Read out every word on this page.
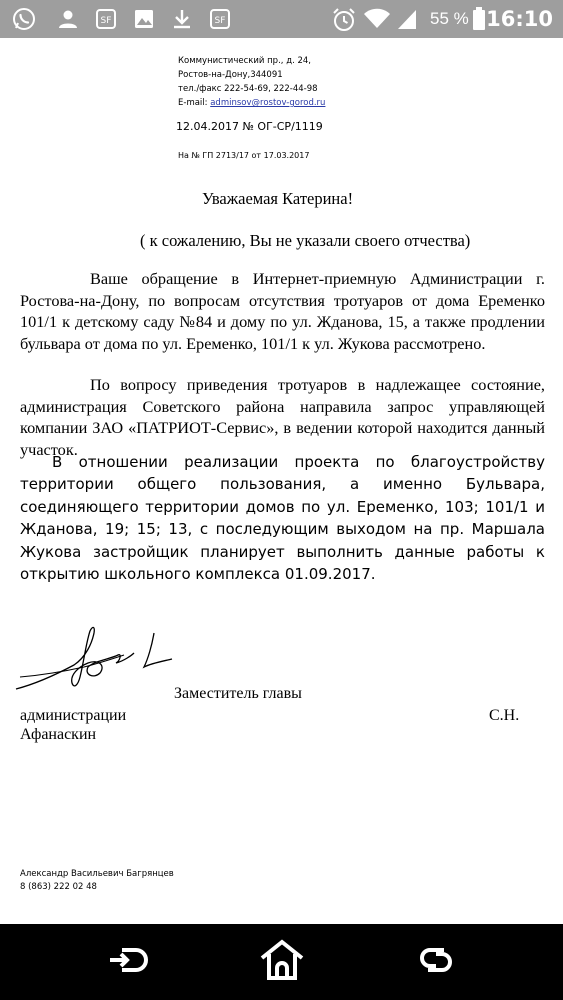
SF	SF	55 % 16:10
Коммунистический пр., д. 24,
Ростов-на-Дону,344091
тел./факс 222-54-69, 222-44-98
E-mail: adminsov@rostov-gorod.ru
12.04.2017 № ОГ-СР/1119
На № ГП 2713/17 от 17.03.2017
Уважаемая Катерина!
( к сожалению, Вы не указали своего отчества)

Ваше обращение в Интернет-приемную Администрации г. Ростова-на-Дону, по вопросам отсутствия тротуаров от дома Еременко 101/1 к детскому саду №84 и дому по ул. Жданова, 15, а также продлении бульвара от дома по ул. Еременко, 101/1 к ул. Жукова рассмотрено.

По вопросу приведения тротуаров в надлежащее состояние, администрация Советского района направила запрос управляющей компании ЗАО «ПАТРИОТ-Сервис», в ведении которой находится данный участок.

В отношении реализации проекта по благоустройству территории общего пользования, а именно Бульвара, соединяющего территории домов по ул. Еременко, 103; 101/1 и Жданова, 19; 15; 13, с последующим выходом на пр. Маршала Жукова застройщик планирует выполнить данные работы к открытию школьного комплекса 01.09.2017.

Заместитель главы
администрации	С.Н.
Афанаскин
Александр Васильевич Багрянцев
8 (863) 222 02 48
